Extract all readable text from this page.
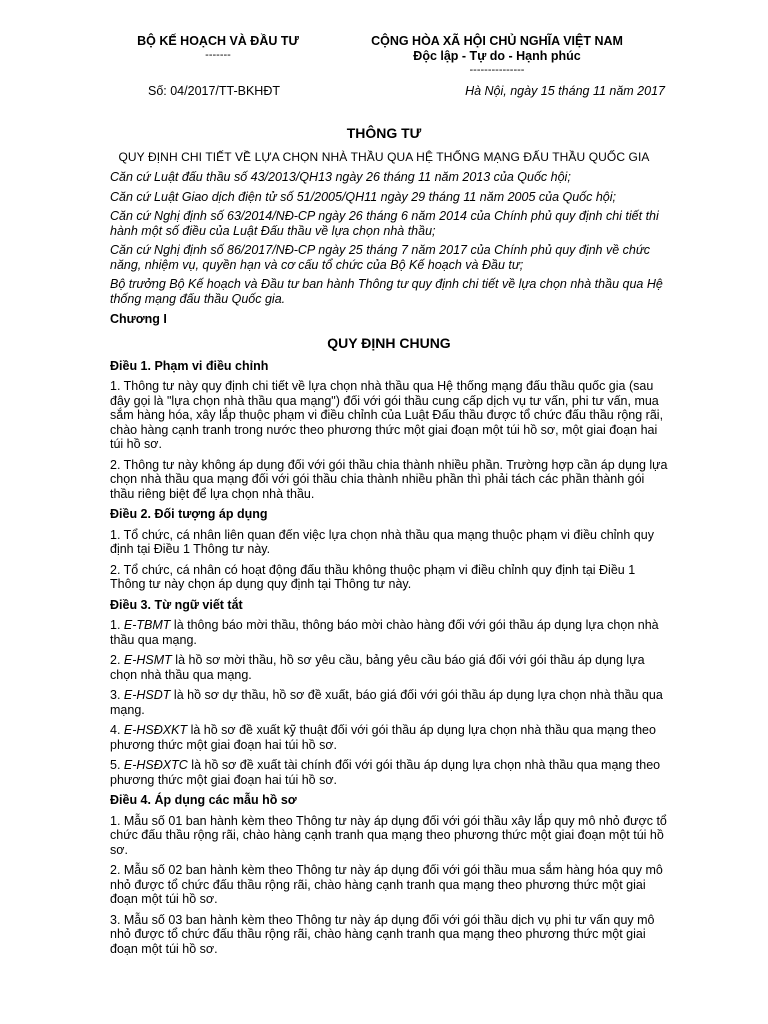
BỘ KẾ HOẠCH VÀ ĐẦU TƯ
-------
CỘNG HÒA XÃ HỘI CHỦ NGHĨA VIỆT NAM
Độc lập - Tự do - Hạnh phúc
---------------
Số: 04/2017/TT-BKHĐT	Hà Nội, ngày 15 tháng 11 năm 2017
THÔNG TƯ
QUY ĐỊNH CHI TIẾT VỀ LỰA CHỌN NHÀ THẦU QUA HỆ THỐNG MẠNG ĐẤU THẦU QUỐC GIA

Căn cứ Luật đấu thầu số 43/2013/QH13 ngày 26 tháng 11 năm 2013 của Quốc hội;

Căn cứ Luật Giao dịch điện tử số 51/2005/QH11 ngày 29 tháng 11 năm 2005 của Quốc hội;

Căn cứ Nghị định số 63/2014/NĐ-CP ngày 26 tháng 6 năm 2014 của Chính phủ quy định chi tiết thi hành một số điều của Luật Đấu thầu về lựa chọn nhà thầu;

Căn cứ Nghị định số 86/2017/NĐ-CP ngày 25 tháng 7 năm 2017 của Chính phủ quy định về chức năng, nhiệm vụ, quyền hạn và cơ cấu tổ chức của Bộ Kế hoạch và Đầu tư;

Bộ trưởng Bộ Kế hoạch và Đầu tư ban hành Thông tư quy định chi tiết về lựa chọn nhà thầu qua Hệ thống mạng đấu thầu Quốc gia.

Chương I
QUY ĐỊNH CHUNG
Điều 1. Phạm vi điều chỉnh

1. Thông tư này quy định chi tiết về lựa chọn nhà thầu qua Hệ thống mạng đấu thầu quốc gia (sau đây gọi là "lựa chọn nhà thầu qua mạng") đối với gói thầu cung cấp dịch vụ tư vấn, phi tư vấn, mua sắm hàng hóa, xây lắp thuộc phạm vi điều chỉnh của Luật Đấu thầu được tổ chức đấu thầu rộng rãi, chào hàng cạnh tranh trong nước theo phương thức một giai đoạn một túi hồ sơ, một giai đoạn hai túi hồ sơ.

2. Thông tư này không áp dụng đối với gói thầu chia thành nhiều phần. Trường hợp cần áp dụng lựa chọn nhà thầu qua mạng đối với gói thầu chia thành nhiều phần thì phải tách các phần thành gói thầu riêng biệt để lựa chọn nhà thầu.

Điều 2. Đối tượng áp dụng

1. Tổ chức, cá nhân liên quan đến việc lựa chọn nhà thầu qua mạng thuộc phạm vi điều chỉnh quy định tại Điều 1 Thông tư này.

2. Tổ chức, cá nhân có hoạt động đấu thầu không thuộc phạm vi điều chỉnh quy định tại Điều 1 Thông tư này chọn áp dụng quy định tại Thông tư này.

Điều 3. Từ ngữ viết tắt

1. E-TBMT là thông báo mời thầu, thông báo mời chào hàng đối với gói thầu áp dụng lựa chọn nhà thầu qua mạng.

2. E-HSMT là hồ sơ mời thầu, hồ sơ yêu cầu, bảng yêu cầu báo giá đối với gói thầu áp dụng lựa chọn nhà thầu qua mạng.

3. E-HSDT là hồ sơ dự thầu, hồ sơ đề xuất, báo giá đối với gói thầu áp dụng lựa chọn nhà thầu qua mạng.

4. E-HSĐXKT là hồ sơ đề xuất kỹ thuật đối với gói thầu áp dụng lựa chọn nhà thầu qua mạng theo phương thức một giai đoạn hai túi hồ sơ.

5. E-HSĐXTC là hồ sơ đề xuất tài chính đối với gói thầu áp dụng lựa chọn nhà thầu qua mạng theo phương thức một giai đoạn hai túi hồ sơ.

Điều 4. Áp dụng các mẫu hồ sơ

1. Mẫu số 01 ban hành kèm theo Thông tư này áp dụng đối với gói thầu xây lắp quy mô nhỏ được tổ chức đấu thầu rộng rãi, chào hàng cạnh tranh qua mạng theo phương thức một giai đoạn một túi hồ sơ.

2. Mẫu số 02 ban hành kèm theo Thông tư này áp dụng đối với gói thầu mua sắm hàng hóa quy mô nhỏ được tổ chức đấu thầu rộng rãi, chào hàng cạnh tranh qua mạng theo phương thức một giai đoạn một túi hồ sơ.

3. Mẫu số 03 ban hành kèm theo Thông tư này áp dụng đối với gói thầu dịch vụ phi tư vấn quy mô nhỏ được tổ chức đấu thầu rộng rãi, chào hàng cạnh tranh qua mạng theo phương thức một giai đoạn một túi hồ sơ.
